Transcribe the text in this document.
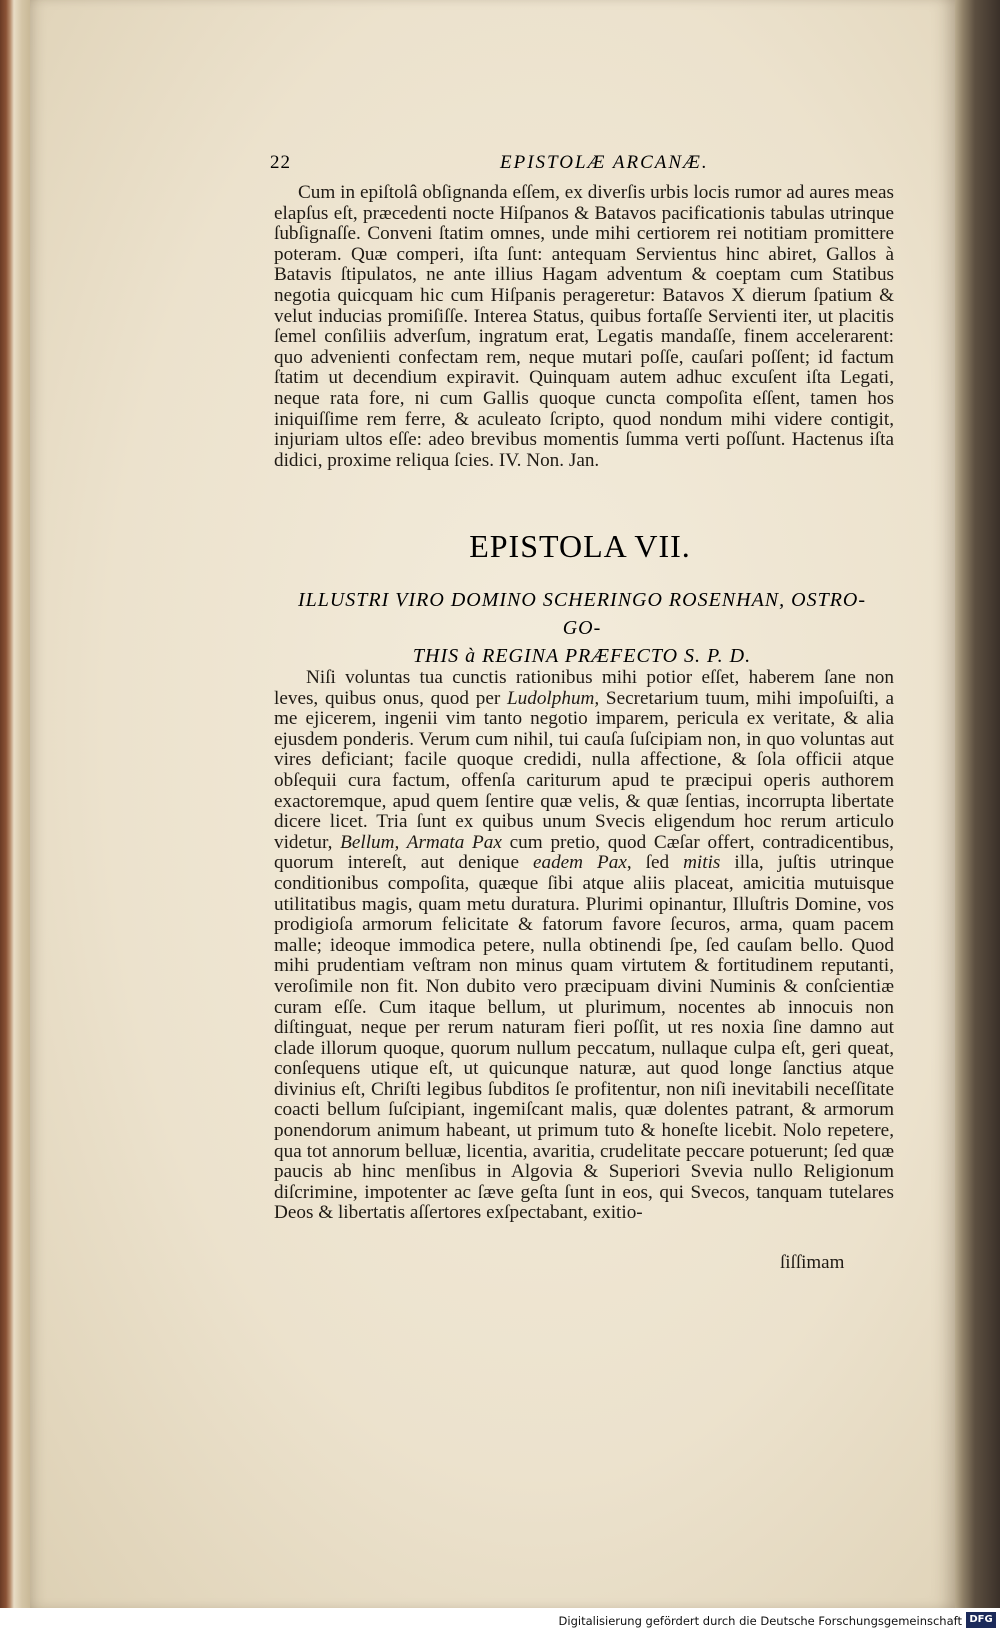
22	EPISTOLÆ ARCANÆ.
Cum in epiſtolâ obſignanda eſſem, ex diverſis urbis locis rumor ad aures meas elapſus eſt, præcedenti nocte Hiſpanos & Batavos pacificationis tabulas utrinque ſubſignaſſe. Conveni ſtatim omnes, unde mihi certiorem rei notitiam promittere poteram. Quæ comperi, iſta ſunt: antequam Servientus hinc abiret, Gallos à Batavis ſtipulatos, ne ante illius Hagam adventum & coeptam cum Statibus negotia quicquam hic cum Hiſpanis perageretur: Batavos X dierum ſpatium & velut inducias promiſiſſe. Interea Status, quibus fortaſſe Servienti iter, ut placitis ſemel conſiliis adverſum, ingratum erat, Legatis mandaſſe, finem accelerarent: quo advenienti confectam rem, neque mutari poſſe, cauſari poſſent; id factum ſtatim ut decendium expiravit. Quinquam autem adhuc excuſent iſta Legati, neque rata fore, ni cum Gallis quoque cuncta compoſita eſſent, tamen hos iniquiſſime rem ferre, & aculeato ſcripto, quod nondum mihi videre contigit, injuriam ultos eſſe: adeo brevibus momentis ſumma verti poſſunt. Hactenus iſta didici, proxime reliqua ſcies. IV. Non. Jan.
EPISTOLA VII.
ILLUSTRI VIRO DOMINO SCHERINGO ROSENHAN, OSTRO-GO-
THIS à REGINA PRÆFECTO S. P. D.
Niſi voluntas tua cunctis rationibus mihi potior eſſet, haberem ſane non leves, quibus onus, quod per Ludolphum, Secretarium tuum, mihi impoſuiſti, a me ejicerem, ingenii vim tanto negotio imparem, pericula ex veritate, & alia ejusdem ponderis. Verum cum nihil, tui cauſa ſuſcipiam non, in quo voluntas aut vires deficiant; facile quoque credidi, nulla affectione, & ſola officii atque obſequii cura factum, offenſa cariturum apud te præcipui operis authorem exactoremque, apud quem ſentire quæ velis, & quæ ſentias, incorrupta libertate dicere licet. Tria ſunt ex quibus unum Svecis eligendum hoc rerum articulo videtur, Bellum, Armata Pax cum pretio, quod Cæſar offert, contradicentibus, quorum intereſt, aut denique eadem Pax, ſed mitis illa, juſtis utrinque conditionibus compoſita, quæque ſibi atque aliis placeat, amicitia mutuisque utilitatibus magis, quam metu duratura. Plurimi opinantur, Illuſtris Domine, vos prodigioſa armorum felicitate & fatorum favore ſecuros, arma, quam pacem malle; ideoque immodica petere, nulla obtinendi ſpe, ſed cauſam bello. Quod mihi prudentiam veſtram non minus quam virtutem & fortitudinem reputanti, veroſimile non fit. Non dubito vero præcipuam divini Numinis & conſcientiæ curam eſſe. Cum itaque bellum, ut plurimum, nocentes ab innocuis non diſtinguat, neque per rerum naturam fieri poſſit, ut res noxia ſine damno aut clade illorum quoque, quorum nullum peccatum, nullaque culpa eſt, geri queat, conſequens utique eſt, ut quicunque naturæ, aut quod longe ſanctius atque divinius eſt, Chriſti legibus ſubditos ſe profitentur, non niſi inevitabili neceſſitate coacti bellum ſuſcipiant, ingemiſcant malis, quæ dolentes patrant, & armorum ponendorum animum habeant, ut primum tuto & honeſte licebit. Nolo repetere, qua tot annorum belluæ, licentia, avaritia, crudelitate peccare potuerunt; ſed quæ paucis ab hinc menſibus in Algovia & Superiori Svevia nullo Religionum diſcrimine, impotenter ac ſæve geſta ſunt in eos, qui Svecos, tanquam tutelares Deos & libertatis aſſertores exſpectabant, exitio-
ſiſſimam
Digitalisierung gefördert durch die Deutsche Forschungsgemeinschaft DFG
